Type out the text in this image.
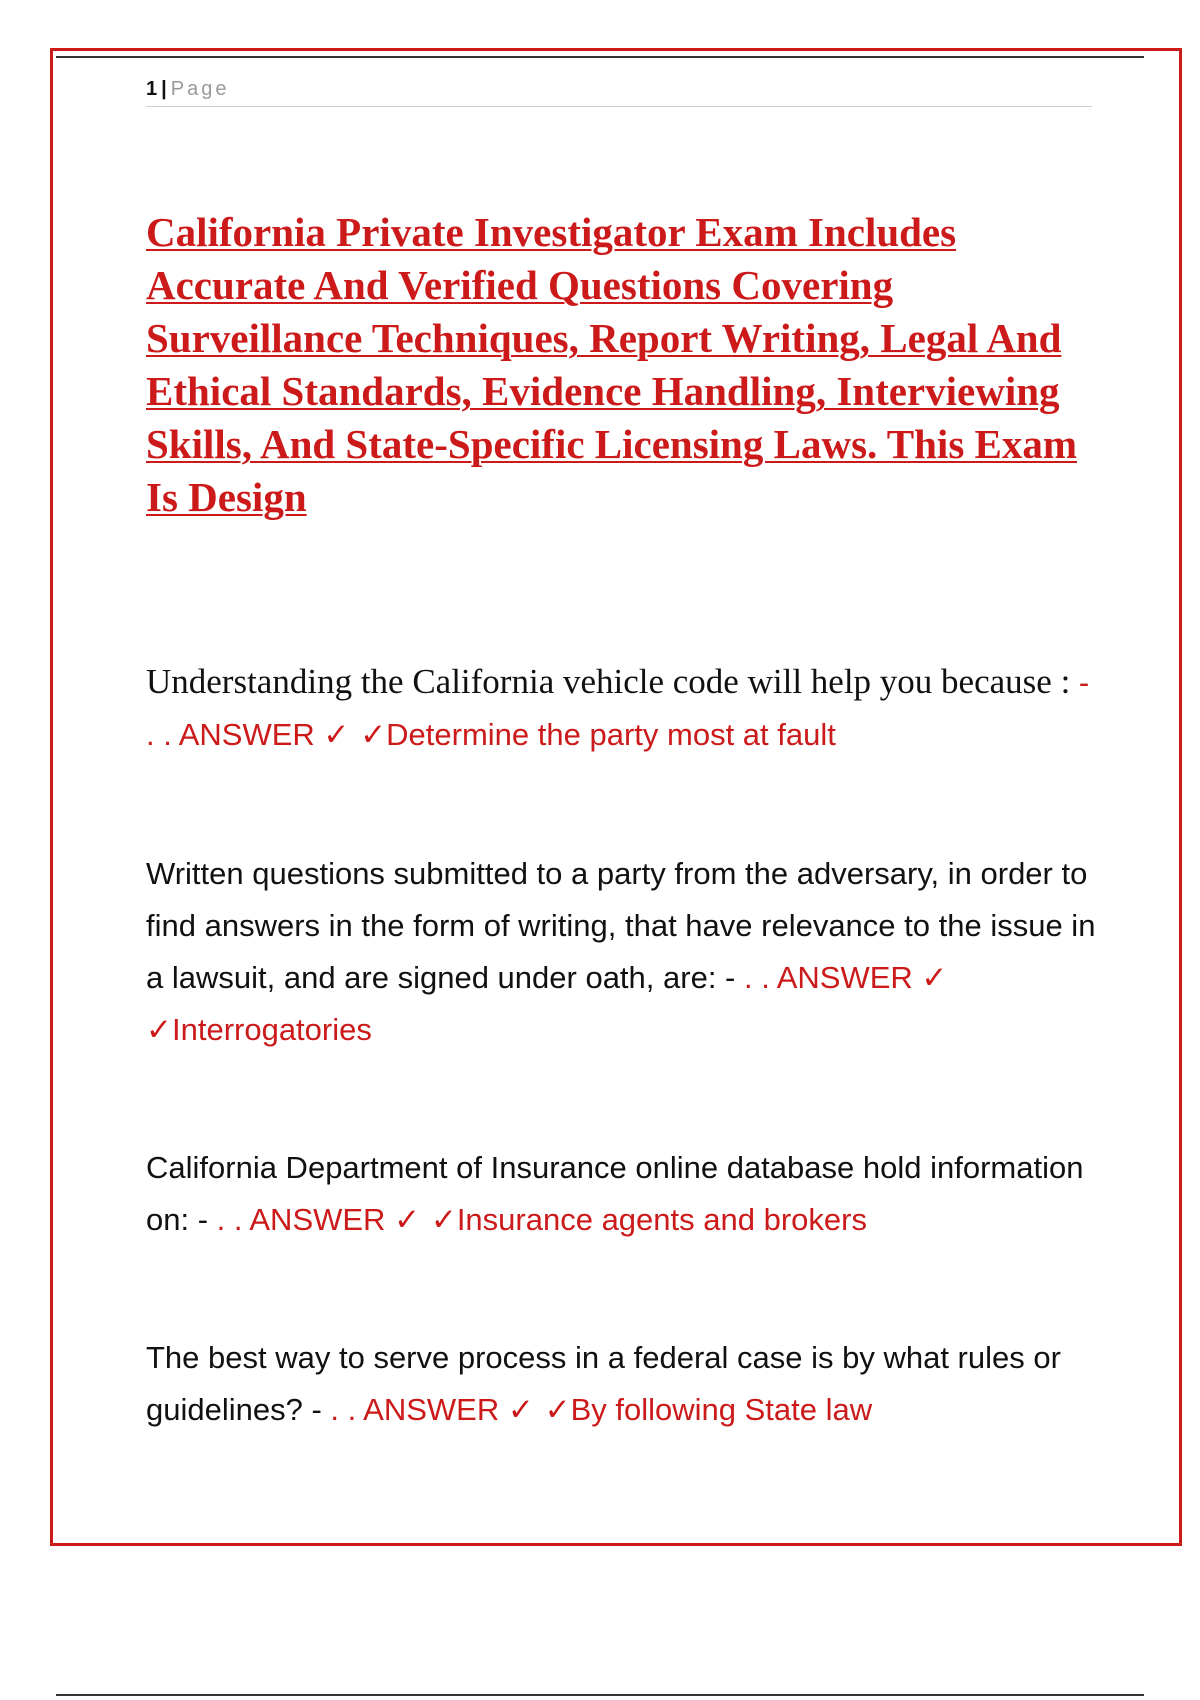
1 | Page
California Private Investigator Exam Includes Accurate And Verified Questions Covering Surveillance Techniques, Report Writing, Legal And Ethical Standards, Evidence Handling, Interviewing Skills, And State-Specific Licensing Laws. This Exam Is Design

Understanding the California vehicle code will help you because : - . . ANSWER ✓ ✓Determine the party most at fault

Written questions submitted to a party from the adversary, in order to find answers in the form of writing, that have relevance to the issue in a lawsuit, and are signed under oath, are: - . . ANSWER ✓ ✓Interrogatories

California Department of Insurance online database hold information on: - . . ANSWER ✓ ✓Insurance agents and brokers

The best way to serve process in a federal case is by what rules or guidelines? - . . ANSWER ✓ ✓By following State law
